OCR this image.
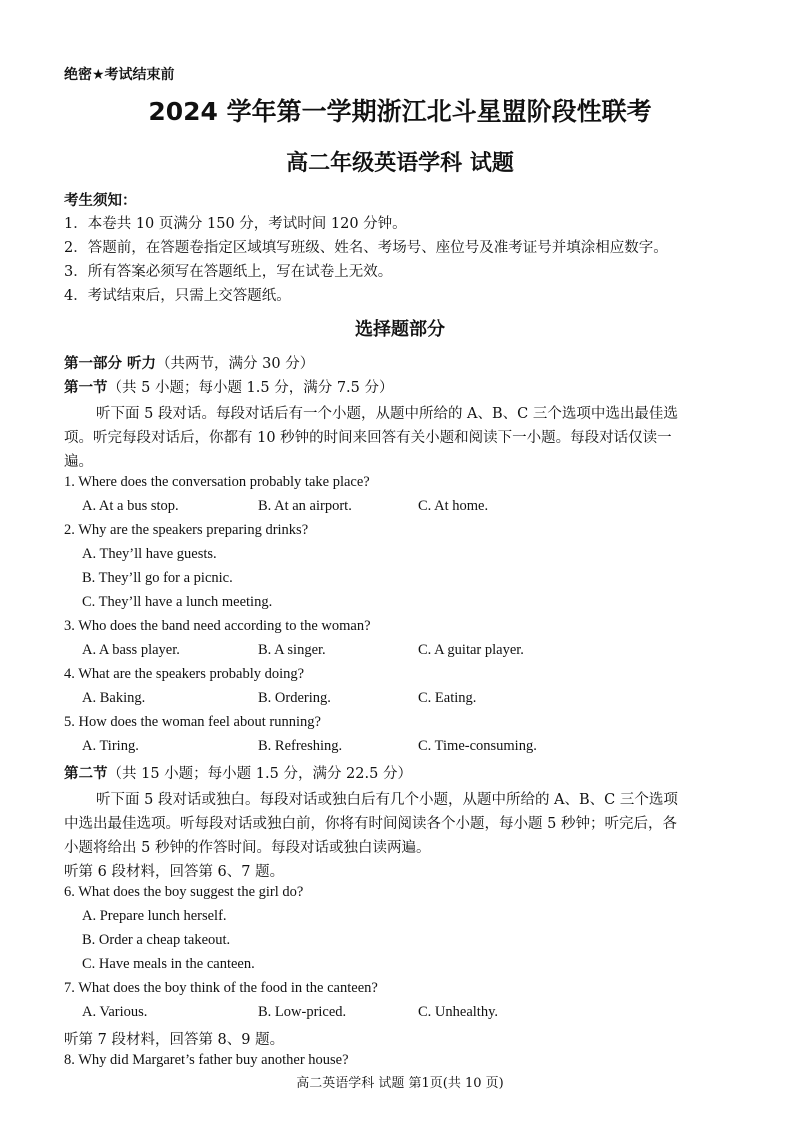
绝密★考试结束前
2024 学年第一学期浙江北斗星盟阶段性联考
高二年级英语学科 试题
考生须知：
1．本卷共 10 页满分 150 分，考试时间 120 分钟。
2．答题前，在答题卷指定区域填写班级、姓名、考场号、座位号及准考证号并填涂相应数字。
3．所有答案必须写在答题纸上，写在试卷上无效。
4．考试结束后，只需上交答题纸。
选择题部分
第一部分 听力（共两节，满分 30 分）
第一节（共 5 小题；每小题 1.5 分，满分 7.5 分）
听下面 5 段对话。每段对话后有一个小题，从题中所给的 A、B、C 三个选项中选出最佳选
项。听完每段对话后，你都有 10 秒钟的时间来回答有关小题和阅读下一小题。每段对话仅读一
遍。
1. Where does the conversation probably take place?
A. At a bus stop.	B. At an airport.	C. At home.
2. Why are the speakers preparing drinks?
A. They’ll have guests.
B. They’ll go for a picnic.
C. They’ll have a lunch meeting.
3. Who does the band need according to the woman?
A. A bass player.	B. A singer.	C. A guitar player.
4. What are the speakers probably doing?
A. Baking.	B. Ordering.	C. Eating.
5. How does the woman feel about running?
A. Tiring.	B. Refreshing.	C. Time-consuming.
第二节（共 15 小题；每小题 1.5 分，满分 22.5 分）
听下面 5 段对话或独白。每段对话或独白后有几个小题，从题中所给的 A、B、C 三个选项
中选出最佳选项。听每段对话或独白前，你将有时间阅读各个小题，每小题 5 秒钟；听完后，各
小题将给出 5 秒钟的作答时间。每段对话或独白读两遍。
听第 6 段材料，回答第 6、7 题。
6. What does the boy suggest the girl do?
A. Prepare lunch herself.
B. Order a cheap takeout.
C. Have meals in the canteen.
7. What does the boy think of the food in the canteen?
A. Various.	B. Low-priced.	C. Unhealthy.
听第 7 段材料，回答第 8、9 题。
8. Why did Margaret’s father buy another house?
高二英语学科 试题 第1页(共 10 页)
